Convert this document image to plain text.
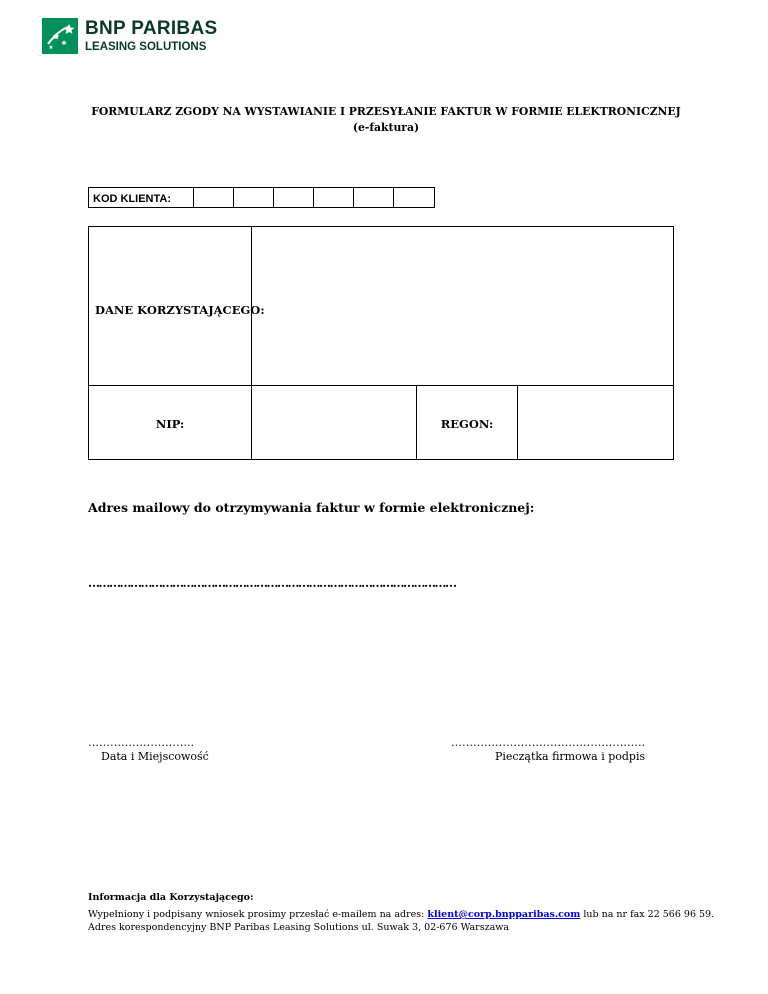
BNP PARIBAS
LEASING SOLUTIONS
FORMULARZ ZGODY NA WYSTAWIANIE I PRZESYŁANIE FAKTUR W FORMIE ELEKTRONICZNEJ
(e-faktura)
KOD KLIENTA:
DANE KORZYSTAJĄCEGO:
NIP:	REGON:
Adres mailowy do otrzymywania faktur w formie elektronicznej:
……………………………………………………………………………………………
………………………..
Data i Miejscowość
……………………………………………..
Pieczątka firmowa i podpis
Informacja dla Korzystającego:
Wypełniony i podpisany wniosek prosimy przesłać e-mailem na adres: klient@corp.bnpparibas.com lub na nr fax 22 566 96 59.
Adres korespondencyjny BNP Paribas Leasing Solutions ul. Suwak 3, 02-676 Warszawa
